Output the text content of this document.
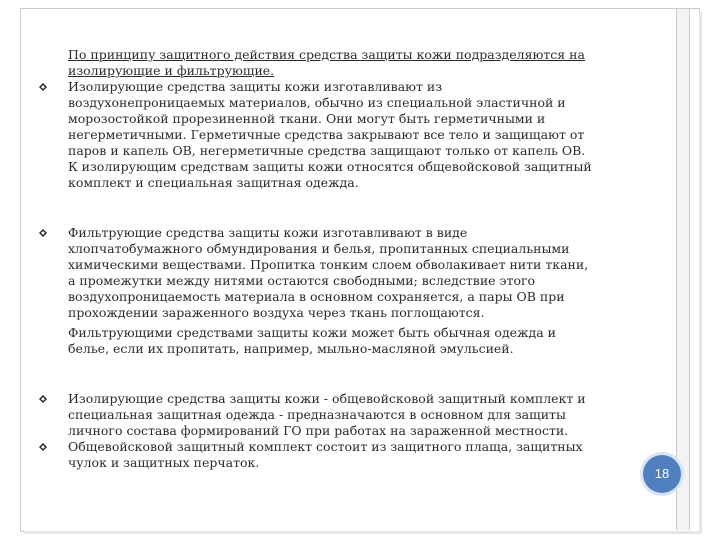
По принципу защитного действия средства защиты кожи подразделяются на
изолирующие и фильтрующие.
Изолирующие средства защиты кожи изготавливают из
воздухонепроницаемых материалов, обычно из специальной эластичной и
морозостойкой прорезиненной ткани. Они могут быть герметичными и
негерметичными. Герметичные средства закрывают все тело и защищают от
паров и капель ОВ, негерметичные средства защищают только от капель ОВ.
К изолирующим средствам защиты кожи относятся общевойсковой защитный
комплект и специальная защитная одежда.
Фильтрующие средства защиты кожи изготавливают в виде
хлопчатобумажного обмундирования и белья, пропитанных специальными
химическими веществами. Пропитка тонким слоем обволакивает нити ткани,
а промежутки между нитями остаются свободными; вследствие этого
воздухопроницаемость материала в основном сохраняется, а пары ОВ при
прохождении зараженного воздуха через ткань поглощаются.
Фильтрующими средствами защиты кожи может быть обычная одежда и
белье, если их пропитать, например, мыльно-масляной эмульсией.
Изолирующие средства защиты кожи - общевойсковой защитный комплект и
специальная защитная одежда - предназначаются в основном для защиты
личного состава формирований ГО при работах на зараженной местности.
Общевойсковой защитный комплект состоит из защитного плаща, защитных
чулок и защитных перчаток.
18
